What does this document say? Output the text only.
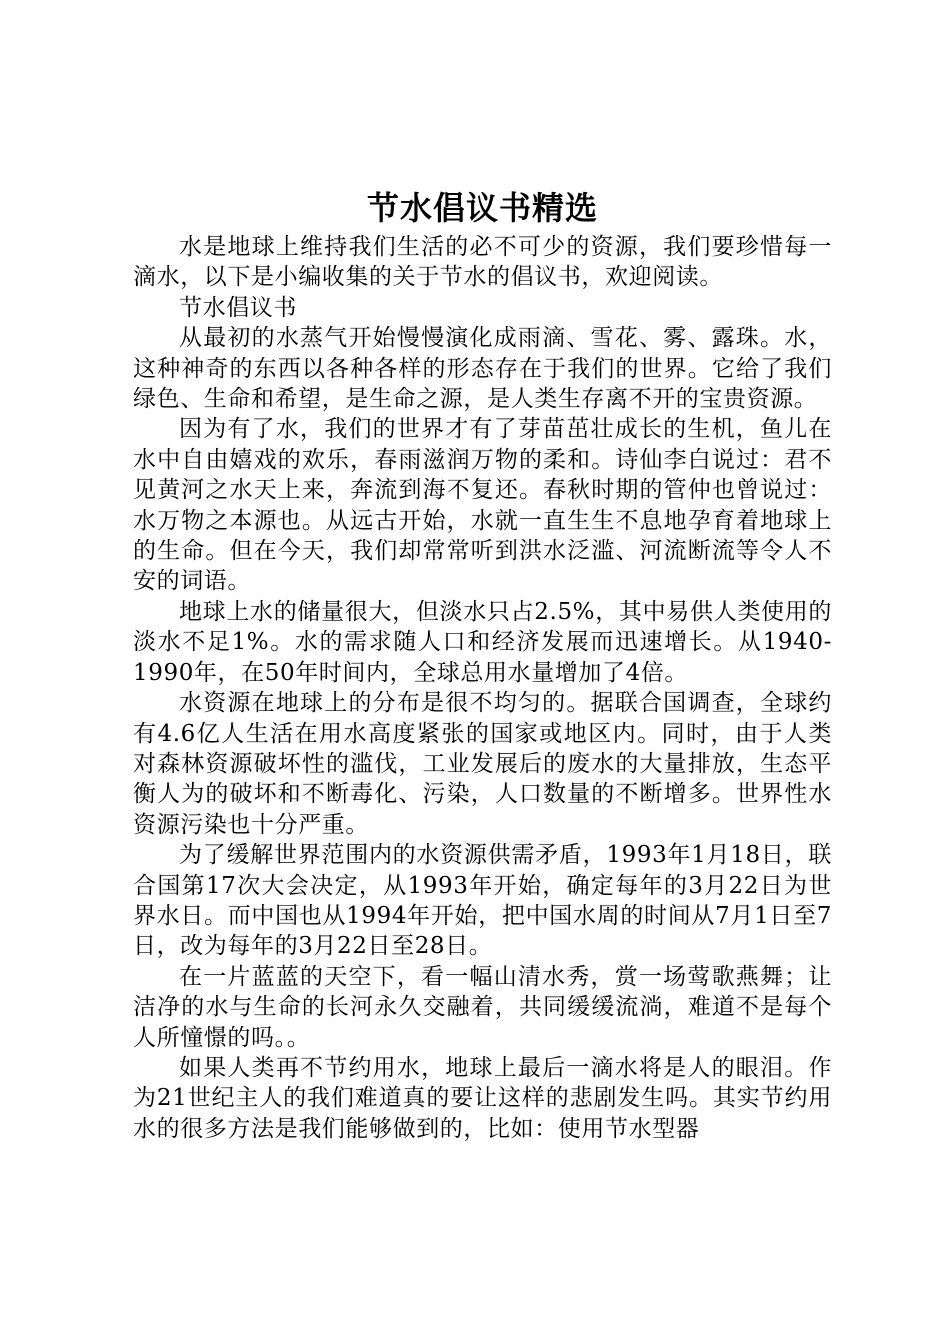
节水倡议书精选

水是地球上维持我们生活的必不可少的资源，我们要珍惜每一滴水，以下是小编收集的关于节水的倡议书，欢迎阅读。

节水倡议书

从最初的水蒸气开始慢慢演化成雨滴、雪花、雾、露珠。水，这种神奇的东西以各种各样的形态存在于我们的世界。它给了我们绿色、生命和希望，是生命之源，是人类生存离不开的宝贵资源。

因为有了水，我们的世界才有了芽苗茁壮成长的生机，鱼儿在水中自由嬉戏的欢乐，春雨滋润万物的柔和。诗仙李白说过：君不见黄河之水天上来，奔流到海不复还。春秋时期的管仲也曾说过：水万物之本源也。从远古开始，水就一直生生不息地孕育着地球上的生命。但在今天，我们却常常听到洪水泛滥、河流断流等令人不安的词语。

地球上水的储量很大，但淡水只占2.5%，其中易供人类使用的淡水不足1%。水的需求随人口和经济发展而迅速增长。从1940-1990年，在50年时间内，全球总用水量增加了4倍。

水资源在地球上的分布是很不均匀的。据联合国调查，全球约有4.6亿人生活在用水高度紧张的国家或地区内。同时，由于人类对森林资源破坏性的滥伐，工业发展后的废水的大量排放，生态平衡人为的破坏和不断毒化、污染，人口数量的不断增多。世界性水资源污染也十分严重。

为了缓解世界范围内的水资源供需矛盾，1993年1月18日，联合国第17次大会决定，从1993年开始，确定每年的3月22日为世界水日。而中国也从1994年开始，把中国水周的时间从7月1日至7日，改为每年的3月22日至28日。

在一片蓝蓝的天空下，看一幅山清水秀，赏一场莺歌燕舞；让洁净的水与生命的长河永久交融着，共同缓缓流淌，难道不是每个人所憧憬的吗。。

如果人类再不节约用水，地球上最后一滴水将是人的眼泪。作为21世纪主人的我们难道真的要让这样的悲剧发生吗。其实节约用水的很多方法是我们能够做到的，比如：使用节水型器
